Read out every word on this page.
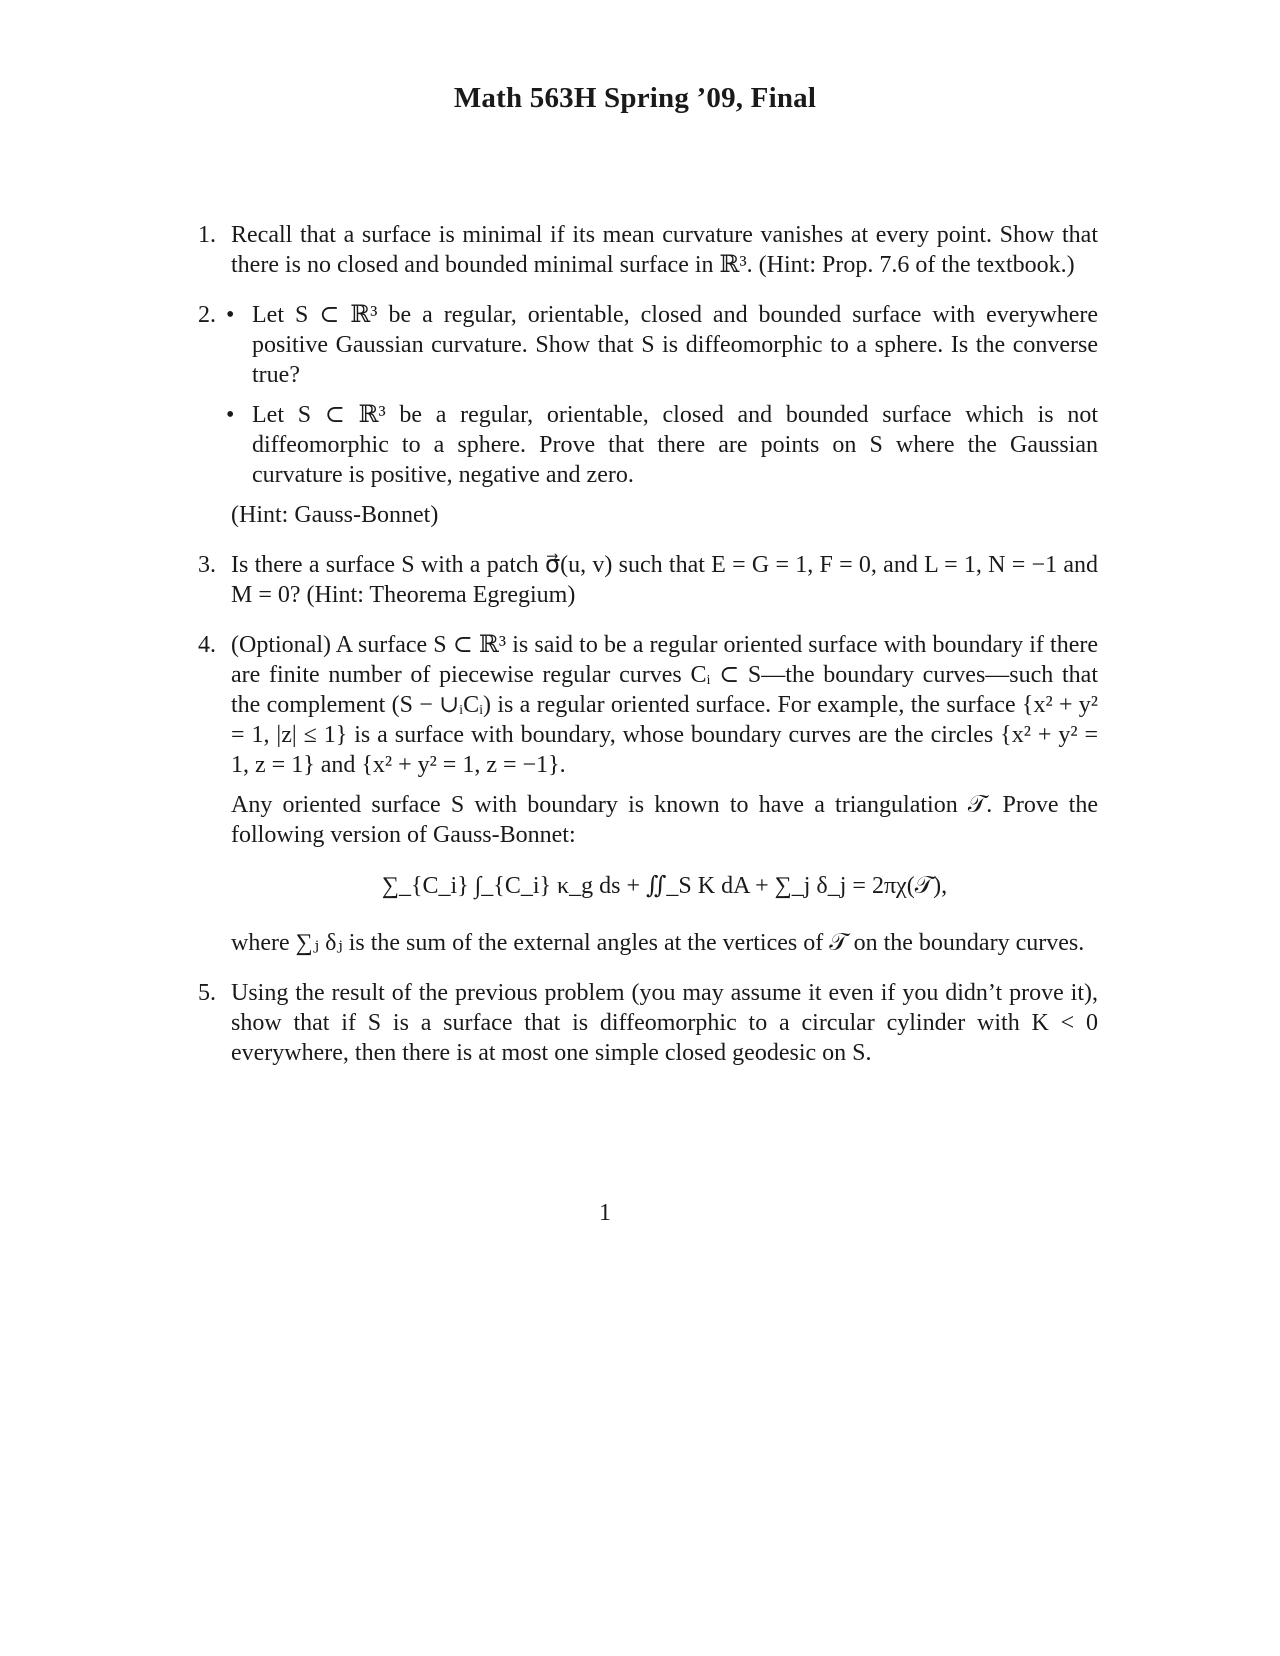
Math 563H Spring ’09, Final
1. Recall that a surface is minimal if its mean curvature vanishes at every point. Show that there is no closed and bounded minimal surface in ℝ³. (Hint: Prop. 7.6 of the textbook.)
2. • Let S ⊂ ℝ³ be a regular, orientable, closed and bounded surface with everywhere positive Gaussian curvature. Show that S is diffeomorphic to a sphere. Is the converse true?
• Let S ⊂ ℝ³ be a regular, orientable, closed and bounded surface which is not diffeomorphic to a sphere. Prove that there are points on S where the Gaussian curvature is positive, negative and zero.
(Hint: Gauss-Bonnet)
3. Is there a surface S with a patch σ⃗(u, v) such that E = G = 1, F = 0, and L = 1, N = −1 and M = 0? (Hint: Theorema Egregium)
4. (Optional) A surface S ⊂ ℝ³ is said to be a regular oriented surface with boundary if there are finite number of piecewise regular curves Cᵢ ⊂ S—the boundary curves—such that the complement (S − ∪ᵢCᵢ) is a regular oriented surface. For example, the surface {x² + y² = 1, |z| ≤ 1} is a surface with boundary, whose boundary curves are the circles {x² + y² = 1, z = 1} and {x² + y² = 1, z = −1}.
Any oriented surface S with boundary is known to have a triangulation 𝒯. Prove the following version of Gauss-Bonnet:
∑_{C_i} ∫_{C_i} κ_g ds + ∬_S K dA + ∑_j δ_j = 2πχ(𝒯),
where ∑ⱼ δⱼ is the sum of the external angles at the vertices of 𝒯 on the boundary curves.
5. Using the result of the previous problem (you may assume it even if you didn’t prove it), show that if S is a surface that is diffeomorphic to a circular cylinder with K < 0 everywhere, then there is at most one simple closed geodesic on S.
1
